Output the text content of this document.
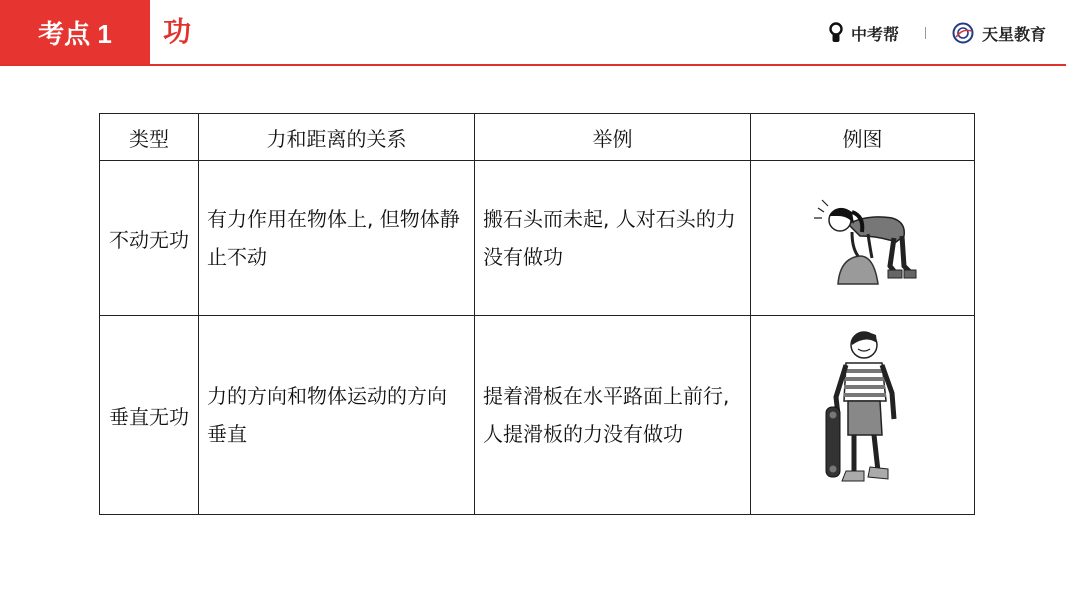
考点 1	功	中考帮	天星教育
类型	力和距离的关系	举例	例图
不动无功	有力作用在物体上, 但物体静止不动	搬石头而未起, 人对石头的力没有做功	
垂直无功	力的方向和物体运动的方向垂直	提着滑板在水平路面上前行, 人提滑板的力没有做功	
